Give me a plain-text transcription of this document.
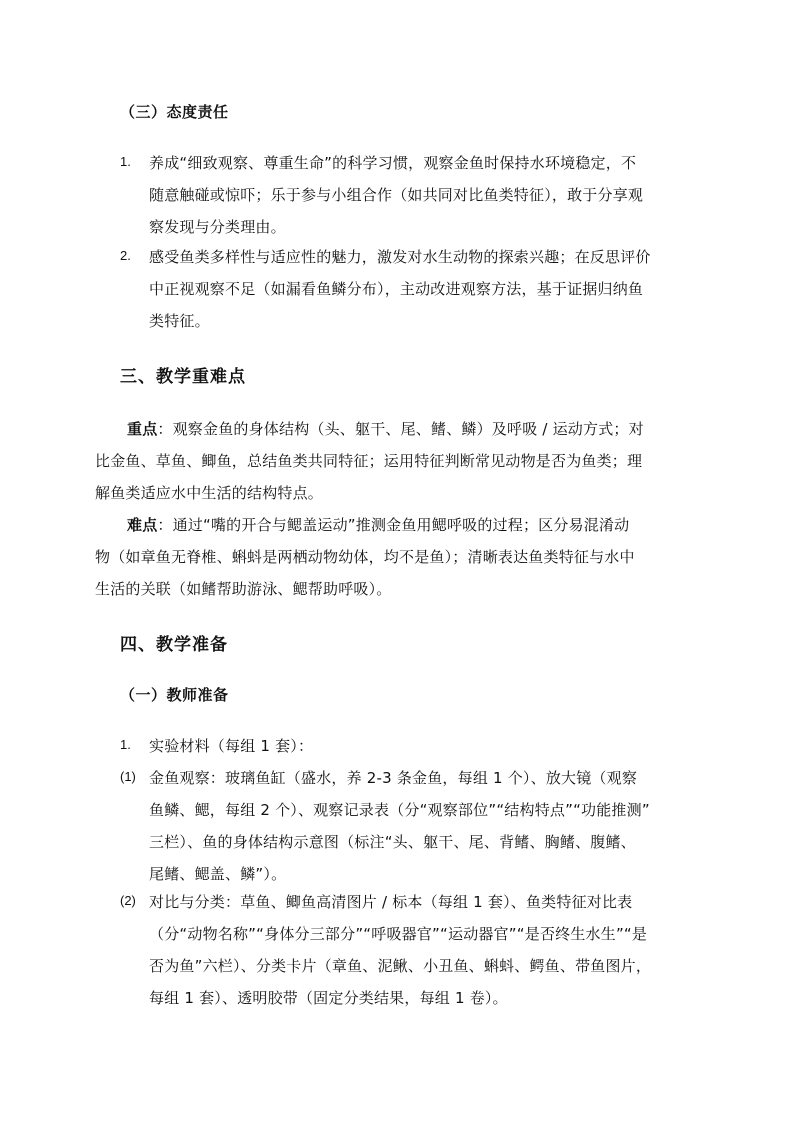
（三）态度责任
1. 养成“细致观察、尊重生命”的科学习惯，观察金鱼时保持水环境稳定，不
随意触碰或惊吓；乐于参与小组合作（如共同对比鱼类特征），敢于分享观
察发现与分类理由。
2. 感受鱼类多样性与适应性的魅力，激发对水生动物的探索兴趣；在反思评价
中正视观察不足（如漏看鱼鳞分布），主动改进观察方法，基于证据归纳鱼
类特征。
三、教学重难点
重点：观察金鱼的身体结构（头、躯干、尾、鳍、鳞）及呼吸 / 运动方式；对
比金鱼、草鱼、鲫鱼，总结鱼类共同特征；运用特征判断常见动物是否为鱼类；理
解鱼类适应水中生活的结构特点。
难点：通过“嘴的开合与鳃盖运动”推测金鱼用鳃呼吸的过程；区分易混淆动
物（如章鱼无脊椎、蝌蚪是两栖动物幼体，均不是鱼）；清晰表达鱼类特征与水中
生活的关联（如鳍帮助游泳、鳃帮助呼吸）。
四、教学准备
（一）教师准备
1. 实验材料（每组 1 套）：
(1) 金鱼观察：玻璃鱼缸（盛水，养 2-3 条金鱼，每组 1 个）、放大镜（观察
鱼鳞、鳃，每组 2 个）、观察记录表（分“观察部位”“结构特点”“功能推测”
三栏）、鱼的身体结构示意图（标注“头、躯干、尾、背鳍、胸鳍、腹鳍、
尾鳍、鳃盖、鳞”）。
(2) 对比与分类：草鱼、鲫鱼高清图片 / 标本（每组 1 套）、鱼类特征对比表
（分“动物名称”“身体分三部分”“呼吸器官”“运动器官”“是否终生水生”“是
否为鱼”六栏）、分类卡片（章鱼、泥鳅、小丑鱼、蝌蚪、鳄鱼、带鱼图片，
每组 1 套）、透明胶带（固定分类结果，每组 1 卷）。
